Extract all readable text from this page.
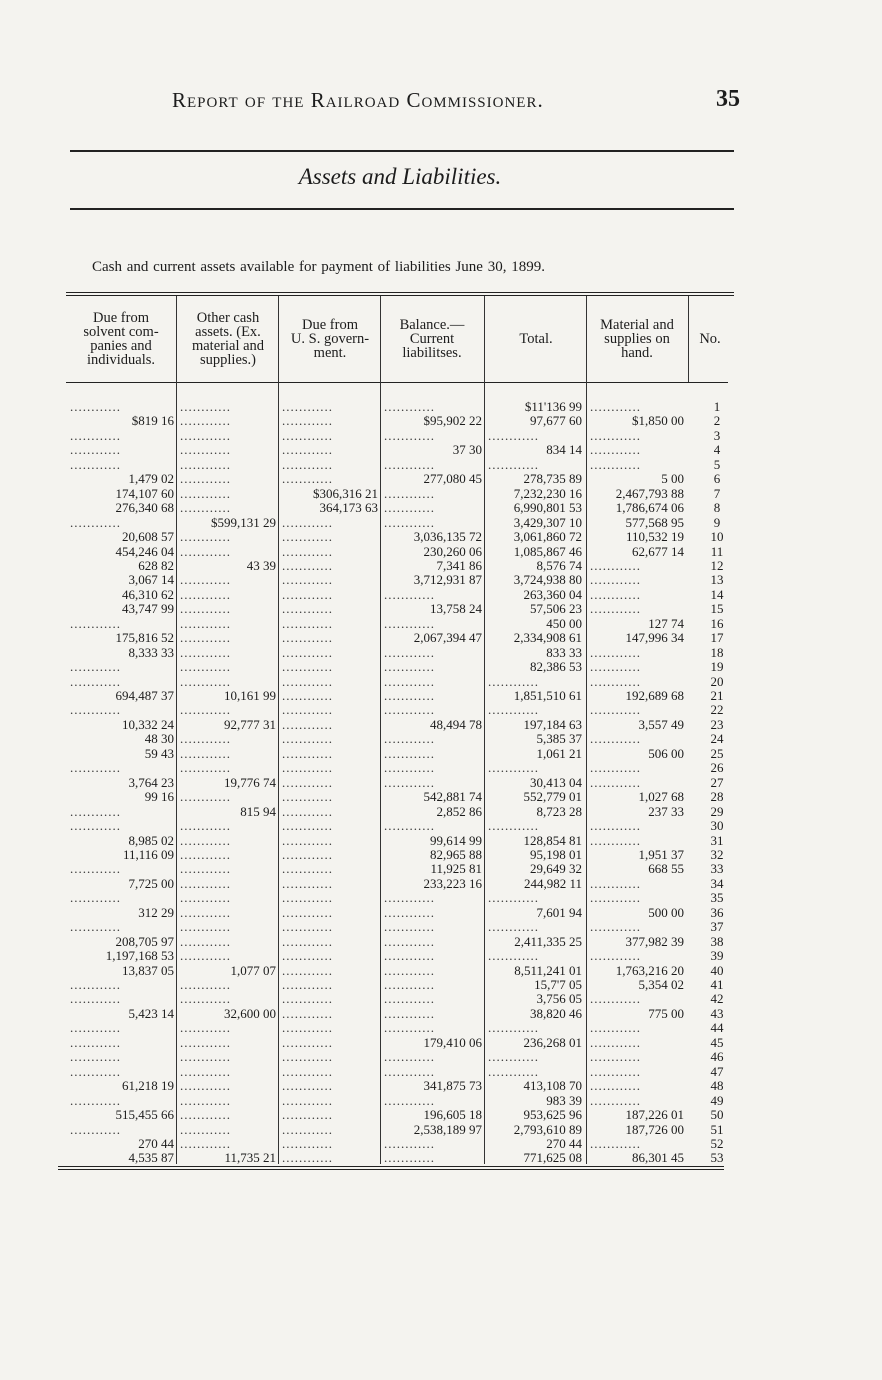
Report of the Railroad Commissioner.	35
Assets and Liabilities.
Cash and current assets available for payment of liabilities June 30, 1899.
Due from
solvent com-
panies and
individuals.
Other cash
assets. (Ex.
material and
supplies.)
Due from
U. S. govern-
ment.
Balance.—
Current
liabilitses.
Total.
Material and
supplies on
hand.
No.
............	............	............	............	$11'136 99 ............	1
$819 16 ............	............	$95,902 22	97,677 60	$1,850 00	2
............	............	............	............	............	............	3
............	............	............	37 30	834 14 ............	4
............	............	............	............	............	............	5
1,479 02 ............	............	277,080 45	278,735 89	5 00	6
174,107 60 ............	$306,316 21 ............	7,232,230 16	2,467,793 88	7
276,340 68 ............	364,173 63 ............	6,990,801 53	1,786,674 06	8
............	$599,131 29 ............	............	3,429,307 10	577,568 95	9
20,608 57 ............	............	3,036,135 72	3,061,860 72	110,532 19	10
454,246 04 ............	............	230,260 06	1,085,867 46	62,677 14	11
628 82	43 39 ............	7,341 86	8,576 74 ............	12
3,067 14 ............	............	3,712,931 87	3,724,938 80 ............	13
46,310 62 ............	............	............	263,360 04 ............	14
43,747 99 ............	............	13,758 24	57,506 23 ............	15
............	............	............	............	450 00	127 74	16
175,816 52 ............	............	2,067,394 47	2,334,908 61	147,996 34	17
8,333 33 ............	............	............	833 33 ............	18
............	............	............	............	82,386 53 ............	19
............	............	............	............	............	............	20
694,487 37	10,161 99 ............	............	1,851,510 61	192,689 68	21
............	............	............	............	............	............	22
10,332 24	92,777 31 ............	48,494 78	197,184 63	3,557 49	23
48 30 ............	............	............	5,385 37 ............	24
59 43 ............	............	............	1,061 21	506 00	25
............	............	............	............	............	............	26
3,764 23	19,776 74 ............	............	30,413 04 ............	27
99 16 ............	............	542,881 74	552,779 01	1,027 68	28
............	815 94 ............	2,852 86	8,723 28	237 33	29
............	............	............	............	............	............	30
8,985 02 ............	............	99,614 99	128,854 81 ............	31
11,116 09 ............	............	82,965 88	95,198 01	1,951 37	32
............	............	............	11,925 81	29,649 32	668 55	33
7,725 00 ............	............	233,223 16	244,982 11 ............	34
............	............	............	............	............	............	35
312 29 ............	............	............	7,601 94	500 00	36
............	............	............	............	............	............	37
208,705 97 ............	............	............	2,411,335 25	377,982 39	38
1,197,168 53 ............	............	............	............	............	39
13,837 05	1,077 07 ............	............	8,511,241 01	1,763,216 20	40
............	............	............	............	15,7'7 05	5,354 02	41
............	............	............	............	3,756 05 ............	42
5,423 14	32,600 00 ............	............	38,820 46	775 00	43
............	............	............	............	............	............	44
............	............	............	179,410 06	236,268 01 ............	45
............	............	............	............	............	............	46
............	............	............	............	............	............	47
61,218 19 ............	............	341,875 73	413,108 70 ............	48
............	............	............	............	983 39 ............	49
515,455 66 ............	............	196,605 18	953,625 96	187,226 01	50
............	............	............	2,538,189 97	2,793,610 89	187,726 00	51
270 44 ............	............	............	270 44 ............	52
4,535 87	11,735 21 ............	............	771,625 08	86,301 45	53
